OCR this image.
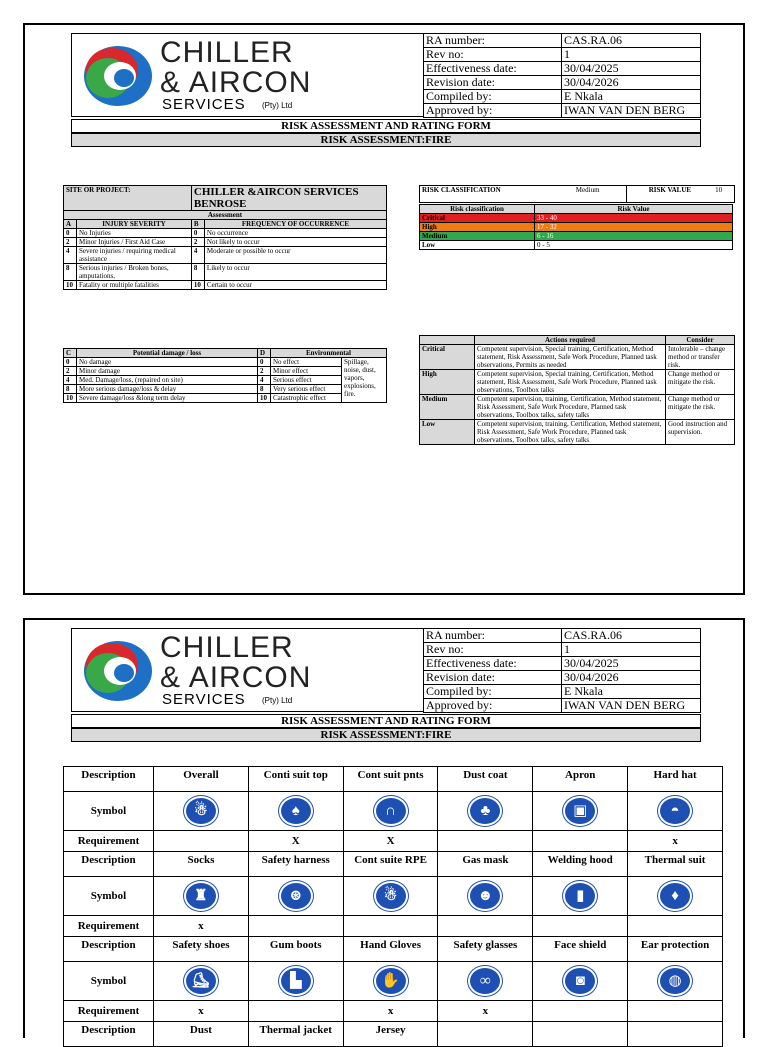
CHILLER
& AIRCON
SERVICES (Pty) Ltd
RA number:	CAS.RA.06
Rev no:	1
Effectiveness date:	30/04/2025
Revision date:	30/04/2026
Compiled by:	E Nkala
Approved by:	IWAN VAN DEN BERG
RISK ASSESSMENT AND RATING FORM
RISK ASSESSMENT:FIRE
SITE OR PROJECT:		CHILLER &AIRCON SERVICES BENROSE	
Assessment			
A	INJURY SEVERITY	B	FREQUENCY OF OCCURRENCE
0	No Injuries	0	No occurrence
2	Minor Injuries / First Aid Case	2	Not likely to occur
4	Severe injuries / requiring medical assistance	4	Moderate or possible to occur
8	Serious injuries / Broken bones, amputations,	8	Likely to occur
10	Fatality or multiple fatalities	10	Certain to occur
RISK CLASSIFICATION	Medium	RISK VALUE	10
Risk classification	Risk Value
Critical	33 - 40
High	17 - 32
Medium	6 - 16
Low	0 - 5
C	Potential damage / loss	D	Environmental	
0	No damage	0	No effect	Spillage, noise, dust, vapors, explosions, fire.
2	Minor damage	2	Minor effect	
4	Med. Damage/loss, (repaired on site)	4	Serious effect	
8	More serious damage/loss & delay	8	Very serious effect	
10	Severe damage/loss &long term delay	10	Catastrophic effect	
	Actions required	Consider
Critical	Competent supervision, Special training, Certification, Method statement, Risk Assessment, Safe Work Procedure, Planned task observations, Permits as needed	Intolerable – change method or transfer risk.
High	Competent supervision, Special training, Certification, Method statement, Risk Assessment, Safe Work Procedure, Planned task observations, Toolbox talks	Change method or mitigate the risk.
Medium	Competent supervision, training, Certification, Method statement, Risk Assessment, Safe Work Procedure, Planned task observations, Toolbox talks, safety talks	Change method or mitigate the risk.
Low	Competent supervision, training, Certification, Method statement, Risk Assessment, Safe Work Procedure, Planned task observations, Toolbox talks, safety talks	Good instruction and supervision.
CHILLER
& AIRCON
SERVICES (Pty) Ltd
RA number:	CAS.RA.06
Rev no:	1
Effectiveness date:	30/04/2025
Revision date:	30/04/2026
Compiled by:	E Nkala
Approved by:	IWAN VAN DEN BERG
RISK ASSESSMENT AND RATING FORM
RISK ASSESSMENT:FIRE
Description	Overall	Conti suit top	Cont suit pnts	Dust coat	Apron	Hard hat
Symbol	☃	♠	∩	♣	▣	◓
Requirement		X	X			x
Description	Socks	Safety harness	Cont suite RPE	Gas mask	Welding hood	Thermal suit
Symbol	♜	⊛	☃	☻	▮	♦
Requirement	x					
Description	Safety shoes	Gum boots	Hand Gloves	Safety glasses	Face shield	Ear protection
Symbol	⛸	▙	✋	∞	◙	◍
Requirement	x		x	x		
Description	Dust	Thermal jacket	Jersey			
